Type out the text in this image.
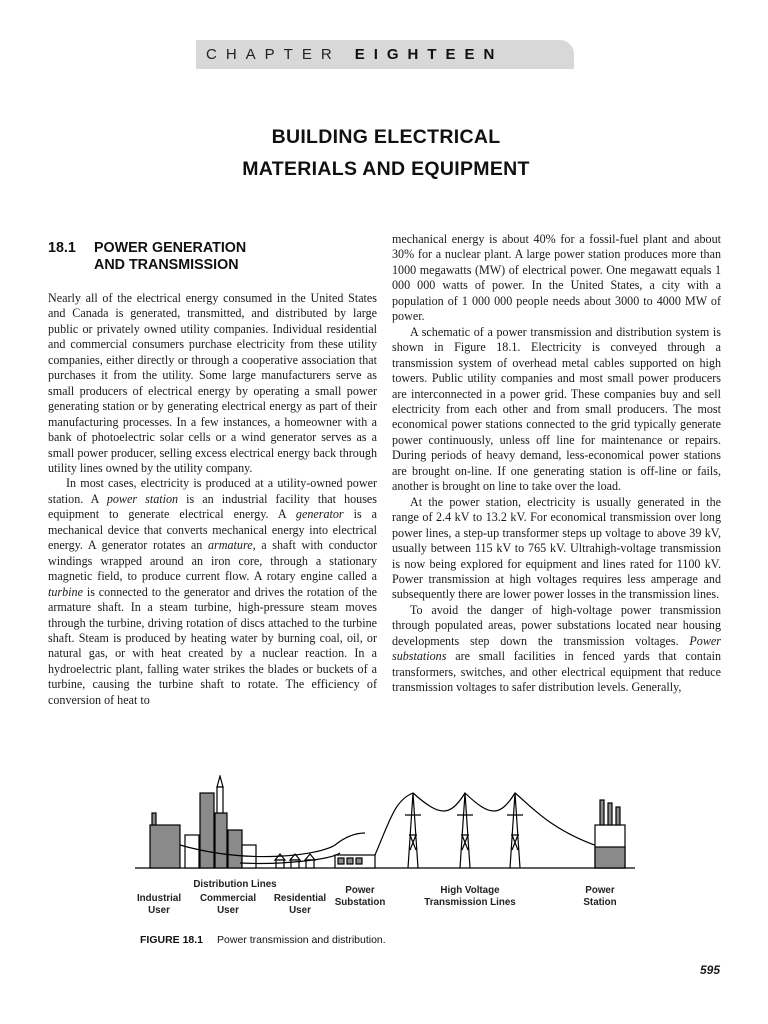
CHAPTER EIGHTEEN
BUILDING ELECTRICAL
MATERIALS AND EQUIPMENT
18.1 POWER GENERATION
AND TRANSMISSION

Nearly all of the electrical energy consumed in the United States and Canada is generated, transmitted, and distributed by large public or privately owned utility companies. Individual residential and commercial consumers purchase electricity from these utility companies, either directly or through a cooperative association that purchases it from the utility. Some large manufacturers serve as small producers of electrical energy by operating a small power generating station or by generating electrical energy as part of their manufacturing processes. In a few instances, a homeowner with a bank of photoelectric solar cells or a wind generator serves as a small power producer, selling excess electrical energy back through utility lines owned by the utility company.

In most cases, electricity is produced at a utility-owned power station. A power station is an industrial facility that houses equipment to generate electrical energy. A generator is a mechanical device that converts mechanical energy into electrical energy. A generator rotates an armature, a shaft with conductor windings wrapped around an iron core, through a stationary magnetic field, to produce current flow. A rotary engine called a turbine is connected to the generator and drives the rotation of the armature shaft. In a steam turbine, high-pressure steam moves through the turbine, driving rotation of discs attached to the turbine shaft. Steam is produced by heating water by burning coal, oil, or natural gas, or with heat created by a nuclear reaction. In a hydroelectric plant, falling water strikes the blades or buckets of a turbine, causing the turbine shaft to rotate. The efficiency of conversion of heat to

mechanical energy is about 40% for a fossil-fuel plant and about 30% for a nuclear plant. A large power station produces more than 1000 megawatts (MW) of electrical power. One megawatt equals 1 000 000 watts of power. In the United States, a city with a population of 1 000 000 people needs about 3000 to 4000 MW of power.

A schematic of a power transmission and distribution system is shown in Figure 18.1. Electricity is conveyed through a transmission system of overhead metal cables supported on high towers. Public utility companies and most small power producers are interconnected in a power grid. These companies buy and sell electricity from each other and from small producers. The most economical power stations connected to the grid typically generate power continuously, unless off line for maintenance or repairs. During periods of heavy demand, less-economical power stations are brought on-line. If one generating station is off-line or fails, another is brought on line to take over the load.

At the power station, electricity is usually generated in the range of 2.4 kV to 13.2 kV. For economical transmission over long power lines, a step-up transformer steps up voltage to above 39 kV, usually between 115 kV to 765 kV. Ultrahigh-voltage transmission is now being explored for equipment and lines rated for 1100 kV. Power transmission at high voltages requires less amperage and subsequently there are lower power losses in the transmission lines.

To avoid the danger of high-voltage power transmission through populated areas, power substations located near housing developments step down the transmission voltages. Power substations are small facilities in fenced yards that contain transformers, switches, and other electrical equipment that reduce transmission voltages to safer distribution levels. Generally,

Distribution Lines
Industrial User
Commercial User
Residential User
Power Substation
High Voltage Transmission Lines
Power Station
FIGURE 18.1 Power transmission and distribution.
595
